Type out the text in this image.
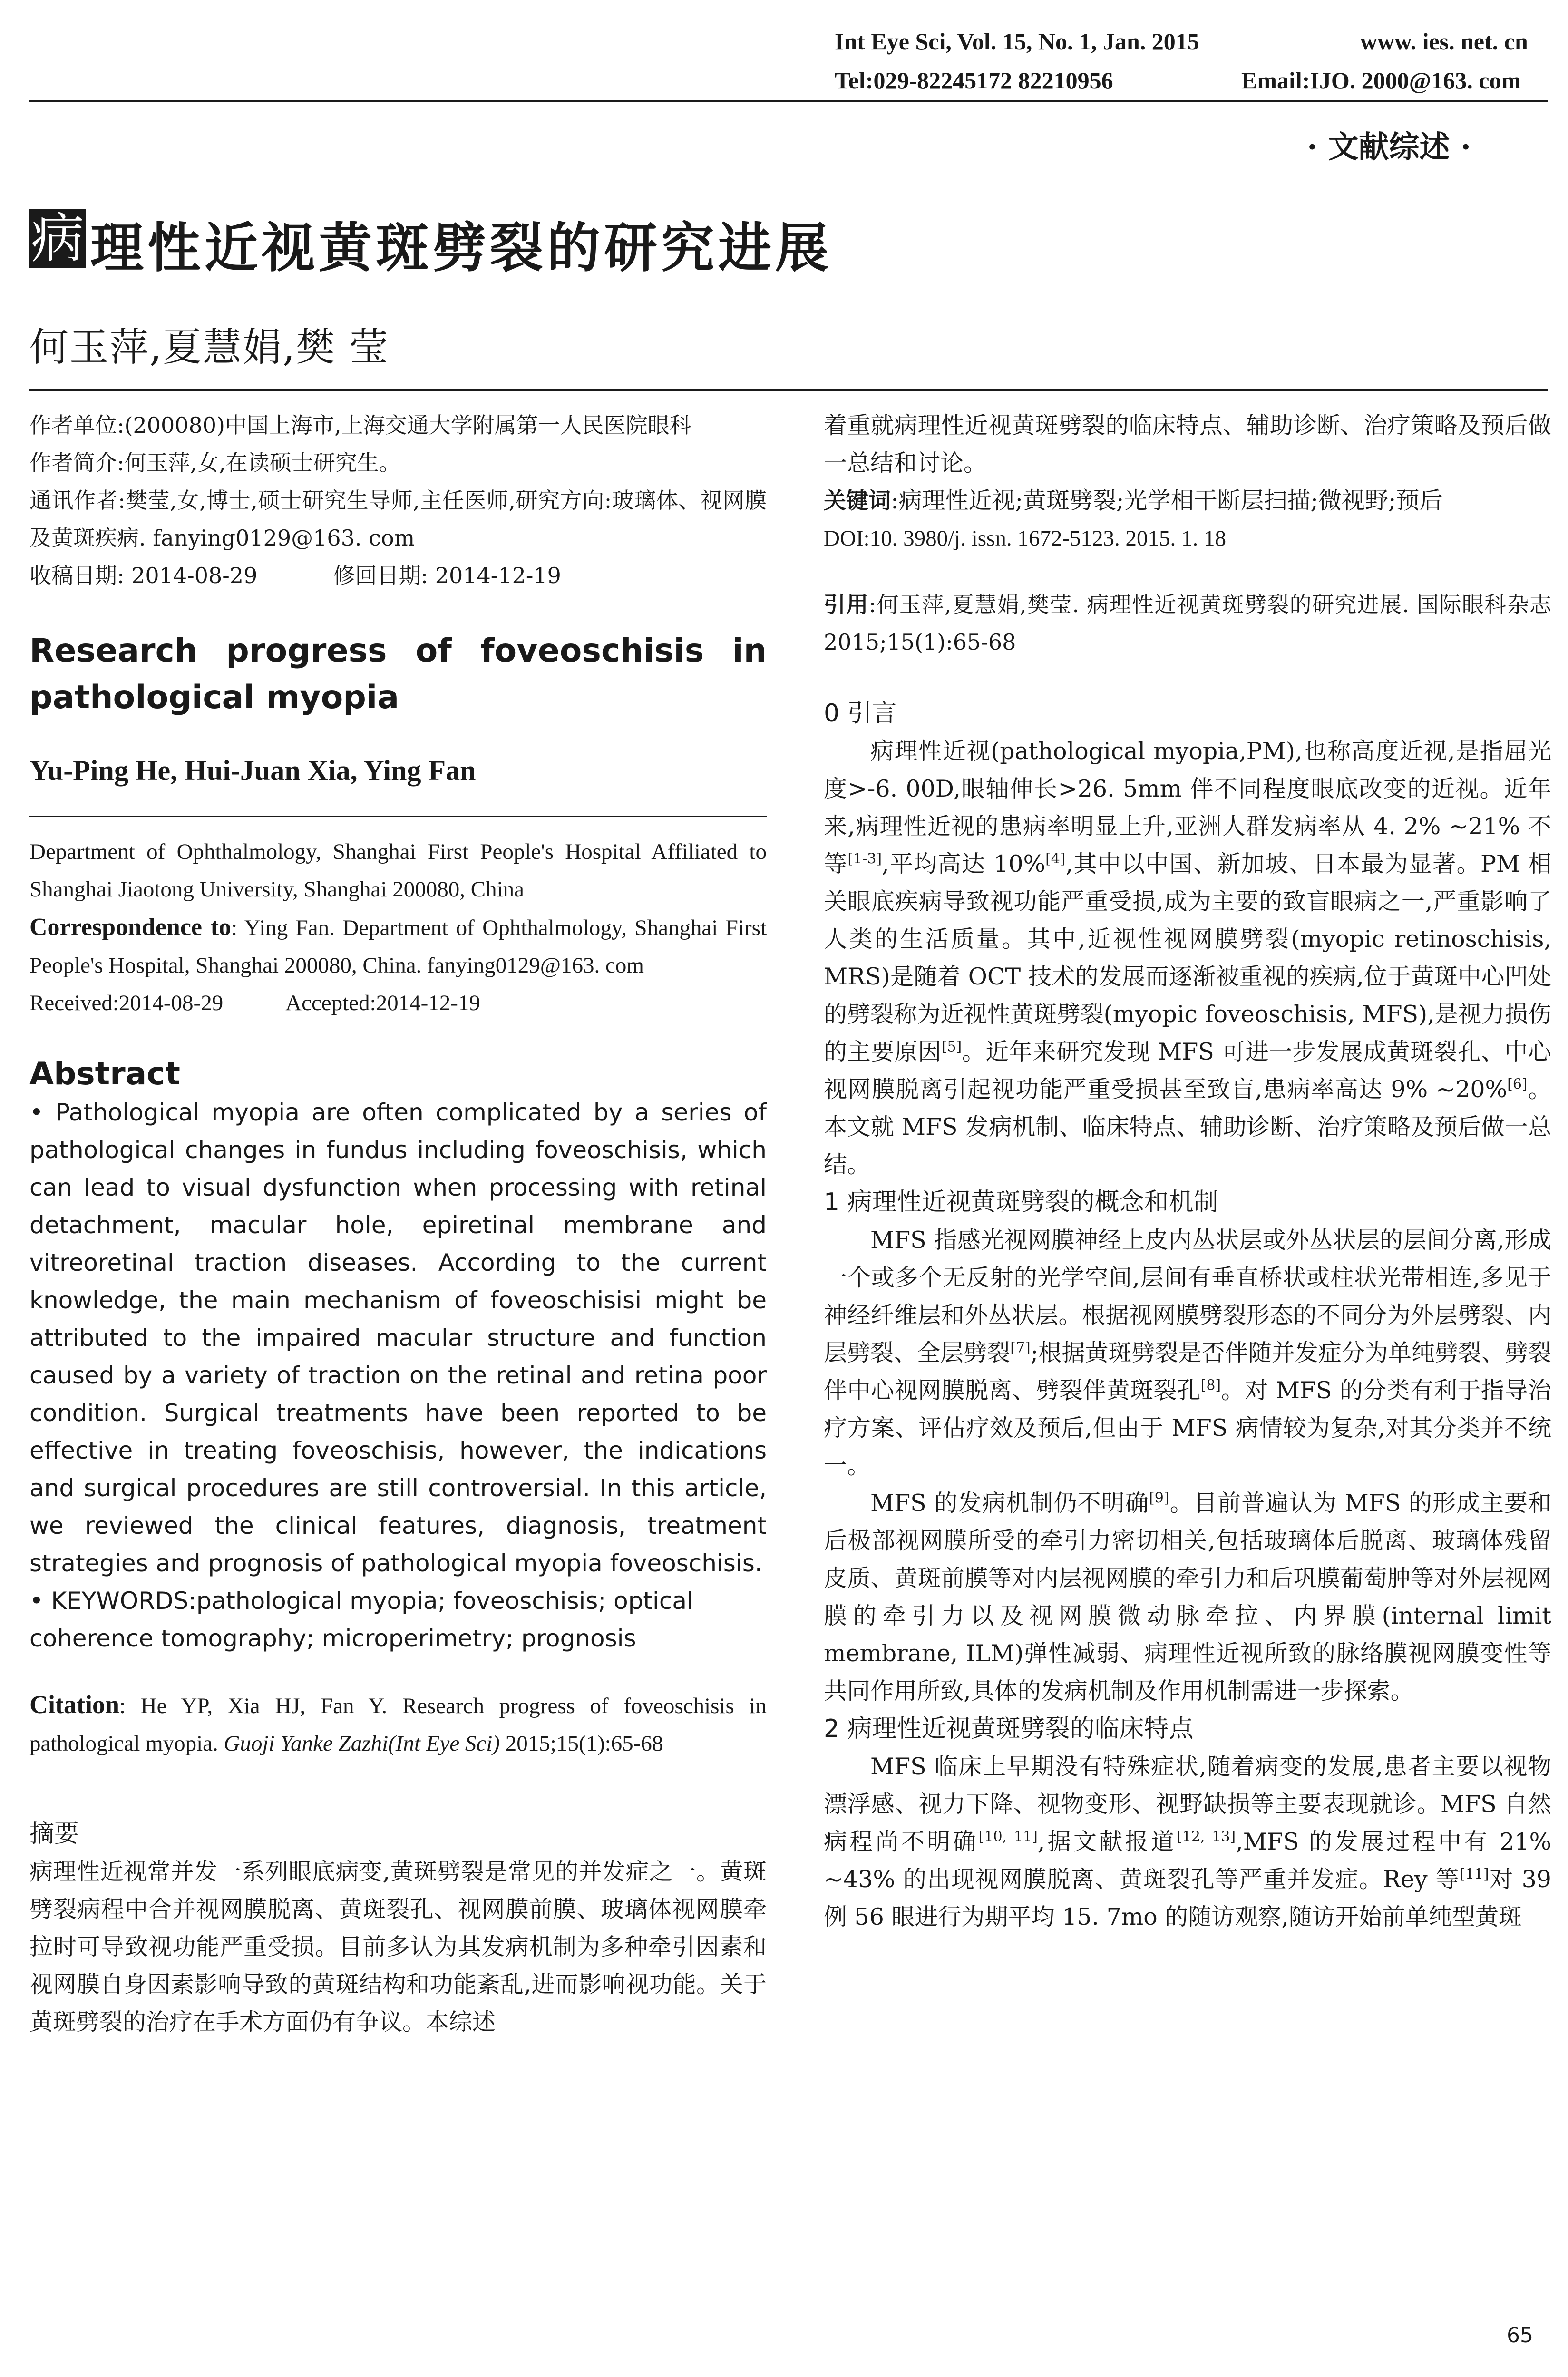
Int Eye Sci, Vol. 15, No. 1, Jan. 2015	www. ies. net. cn
Tel:029-82245172 82210956	Email:IJO. 2000@163. com
· 文献综述 ·
病 理性近视黄斑劈裂的研究进展
何玉萍,夏慧娟,樊 莹

作者单位:(200080)中国上海市,上海交通大学附属第一人民医院眼科

作者简介:何玉萍,女,在读硕士研究生。

通讯作者:樊莹,女,博士,硕士研究生导师,主任医师,研究方向:玻璃体、视网膜及黄斑疾病. fanying0129@163. com

收稿日期: 2014-08-29	修回日期: 2014-12-19

Research progress of foveoschisis in pathological myopia

Yu-Ping He, Hui-Juan Xia, Ying Fan

Department of Ophthalmology, Shanghai First People's Hospital Affiliated to Shanghai Jiaotong University, Shanghai 200080, China

Correspondence to: Ying Fan. Department of Ophthalmology, Shanghai First People's Hospital, Shanghai 200080, China. fanying0129@163. com

Received:2014-08-29	Accepted:2014-12-19

Abstract

• Pathological myopia are often complicated by a series of pathological changes in fundus including foveoschisis, which can lead to visual dysfunction when processing with retinal detachment, macular hole, epiretinal membrane and vitreoretinal traction diseases. According to the current knowledge, the main mechanism of foveoschisisi might be attributed to the impaired macular structure and function caused by a variety of traction on the retinal and retina poor condition. Surgical treatments have been reported to be effective in treating foveoschisis, however, the indications and surgical procedures are still controversial. In this article, we reviewed the clinical features, diagnosis, treatment strategies and prognosis of pathological myopia foveoschisis.

• KEYWORDS:pathological myopia; foveoschisis; optical coherence tomography; microperimetry; prognosis

Citation: He YP, Xia HJ, Fan Y. Research progress of foveoschisis in pathological myopia. Guoji Yanke Zazhi(Int Eye Sci) 2015;15(1):65-68

摘要

病理性近视常并发一系列眼底病变,黄斑劈裂是常见的并发症之一。黄斑劈裂病程中合并视网膜脱离、黄斑裂孔、视网膜前膜、玻璃体视网膜牵拉时可导致视功能严重受损。目前多认为其发病机制为多种牵引因素和视网膜自身因素影响导致的黄斑结构和功能紊乱,进而影响视功能。关于黄斑劈裂的治疗在手术方面仍有争议。本综述

着重就病理性近视黄斑劈裂的临床特点、辅助诊断、治疗策略及预后做一总结和讨论。

关键词:病理性近视;黄斑劈裂;光学相干断层扫描;微视野;预后

DOI:10. 3980/j. issn. 1672-5123. 2015. 1. 18

引用:何玉萍,夏慧娟,樊莹. 病理性近视黄斑劈裂的研究进展. 国际眼科杂志 2015;15(1):65-68

0 引言

病理性近视(pathological myopia,PM),也称高度近视,是指屈光度>-6. 00D,眼轴伸长>26. 5mm 伴不同程度眼底改变的近视。近年来,病理性近视的患病率明显上升,亚洲人群发病率从 4. 2% ~21% 不等[1-3],平均高达 10%[4],其中以中国、新加坡、日本最为显著。PM 相关眼底疾病导致视功能严重受损,成为主要的致盲眼病之一,严重影响了人类的生活质量。其中,近视性视网膜劈裂(myopic retinoschisis, MRS)是随着 OCT 技术的发展而逐渐被重视的疾病,位于黄斑中心凹处的劈裂称为近视性黄斑劈裂(myopic foveoschisis, MFS),是视力损伤的主要原因[5]。近年来研究发现 MFS 可进一步发展成黄斑裂孔、中心视网膜脱离引起视功能严重受损甚至致盲,患病率高达 9% ~20%[6]。本文就 MFS 发病机制、临床特点、辅助诊断、治疗策略及预后做一总结。

1 病理性近视黄斑劈裂的概念和机制

MFS 指感光视网膜神经上皮内丛状层或外丛状层的层间分离,形成一个或多个无反射的光学空间,层间有垂直桥状或柱状光带相连,多见于神经纤维层和外丛状层。根据视网膜劈裂形态的不同分为外层劈裂、内层劈裂、全层劈裂[7];根据黄斑劈裂是否伴随并发症分为单纯劈裂、劈裂伴中心视网膜脱离、劈裂伴黄斑裂孔[8]。对 MFS 的分类有利于指导治疗方案、评估疗效及预后,但由于 MFS 病情较为复杂,对其分类并不统一。

MFS 的发病机制仍不明确[9]。目前普遍认为 MFS 的形成主要和后极部视网膜所受的牵引力密切相关,包括玻璃体后脱离、玻璃体残留皮质、黄斑前膜等对内层视网膜的牵引力和后巩膜葡萄肿等对外层视网膜的牵引力以及视网膜微动脉牵拉、内界膜(internal limit membrane, ILM)弹性减弱、病理性近视所致的脉络膜视网膜变性等共同作用所致,具体的发病机制及作用机制需进一步探索。

2 病理性近视黄斑劈裂的临床特点

MFS 临床上早期没有特殊症状,随着病变的发展,患者主要以视物漂浮感、视力下降、视物变形、视野缺损等主要表现就诊。MFS 自然病程尚不明确[10, 11],据文献报道[12, 13],MFS 的发展过程中有 21% ~43% 的出现视网膜脱离、黄斑裂孔等严重并发症。Rey 等[11]对 39 例 56 眼进行为期平均 15. 7mo 的随访观察,随访开始前单纯型黄斑

65
